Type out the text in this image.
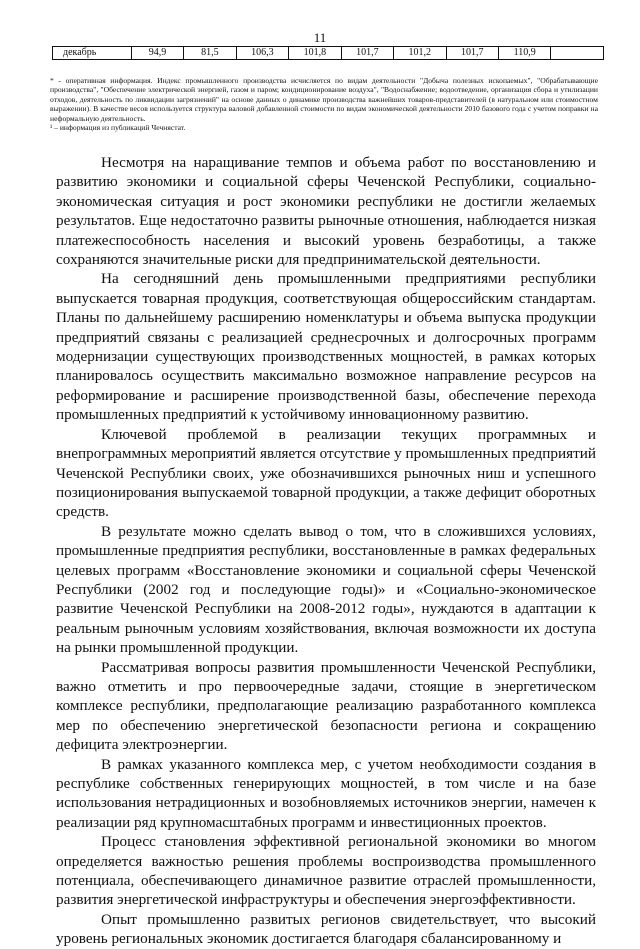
11
декабрь	94,9	81,5	106,3	101,8	101,7	101,2	101,7	110,9	

* - оперативная информация. Индекс промышленного производства исчисляется по видам деятельности "Добыча полезных ископаемых", "Обрабатывающие производства", "Обеспечение электрической энергией, газом и паром; кондиционирование воздуха", "Водоснабжение; водоотведение, организация сбора и утилизации отходов, деятельность по ликвидации загрязнений" на основе данных о динамике производства важнейших товаров-представителей (в натуральном или стоимостном выражении). В качестве весов используется структура валовой добавленной стоимости по видам экономической деятельности 2010 базового года с учетом поправки на неформальную деятельность.

¹ – информация из публикаций Чечнястат.

Несмотря на наращивание темпов и объема работ по восстановлению и развитию экономики и социальной сферы Чеченской Республики, социально-экономическая ситуация и рост экономики республики не достигли желаемых результатов. Еще недостаточно развиты рыночные отношения, наблюдается низкая платежеспособность населения и высокий уровень безработицы, а также сохраняются значительные риски для предпринимательской деятельности.

На сегодняшний день промышленными предприятиями республики выпускается товарная продукция, соответствующая общероссийским стандартам. Планы по дальнейшему расширению номенклатуры и объема выпуска продукции предприятий связаны с реализацией среднесрочных и долгосрочных программ модернизации существующих производственных мощностей, в рамках которых планировалось осуществить максимально возможное направление ресурсов на реформирование и расширение производственной базы, обеспечение перехода промышленных предприятий к устойчивому инновационному развитию.

Ключевой проблемой в реализации текущих программных и внепрограммных мероприятий является отсутствие у промышленных предприятий Чеченской Республики своих, уже обозначившихся рыночных ниш и успешного позиционирования выпускаемой товарной продукции, а также дефицит оборотных средств.

В результате можно сделать вывод о том, что в сложившихся условиях, промышленные предприятия республики, восстановленные в рамках федеральных целевых программ «Восстановление экономики и социальной сферы Чеченской Республики (2002 год и последующие годы)» и «Социально-экономическое развитие Чеченской Республики на 2008-2012 годы», нуждаются в адаптации к реальным рыночным условиям хозяйствования, включая возможности их доступа на рынки промышленной продукции.

Рассматривая вопросы развития промышленности Чеченской Республики, важно отметить и про первоочередные задачи, стоящие в энергетическом комплексе республики, предполагающие реализацию разработанного комплекса мер по обеспечению энергетической безопасности региона и сокращению дефицита электроэнергии.

В рамках указанного комплекса мер, с учетом необходимости создания в республике собственных генерирующих мощностей, в том числе и на базе использования нетрадиционных и возобновляемых источников энергии, намечен к реализации ряд крупномасштабных программ и инвестиционных проектов.

Процесс становления эффективной региональной экономики во многом определяется важностью решения проблемы воспроизводства промышленного потенциала, обеспечивающего динамичное развитие отраслей промышленности, развития энергетической инфраструктуры и обеспечения энергоэффективности.

Опыт промышленно развитых регионов свидетельствует, что высокий уровень региональных экономик достигается благодаря сбалансированному и
